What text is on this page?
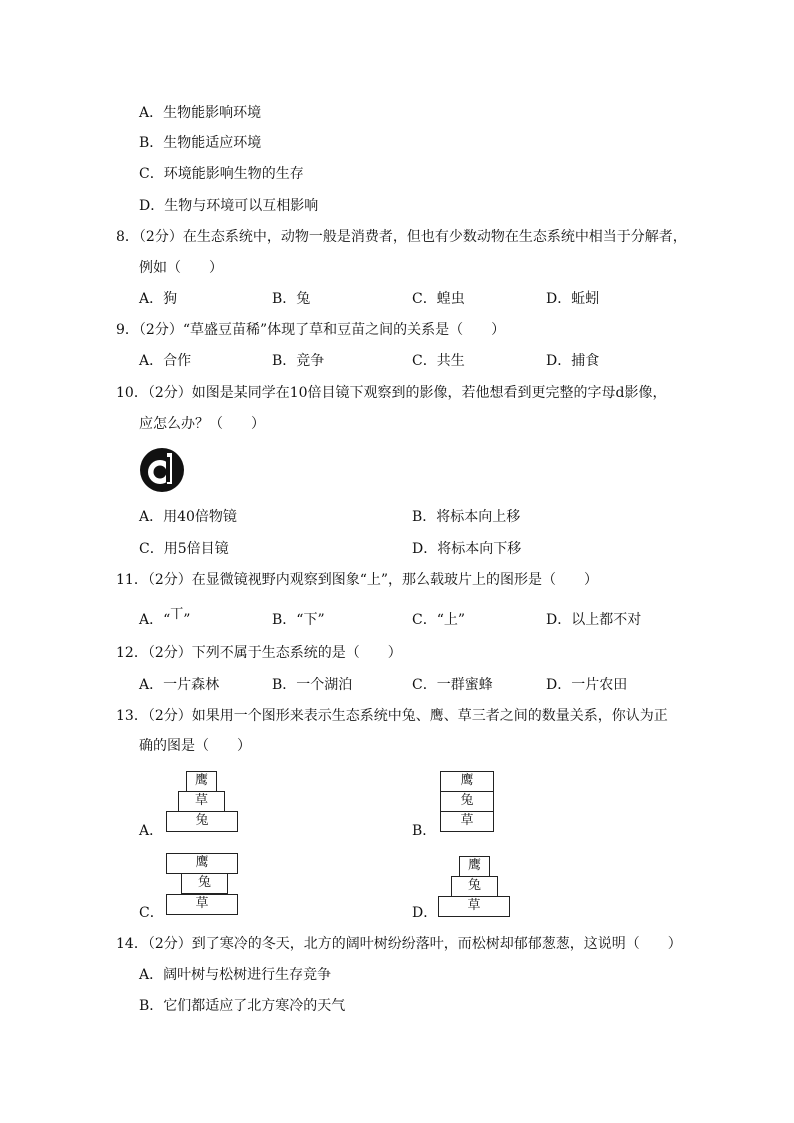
A．生物能影响环境
B．生物能适应环境
C．环境能影响生物的生存
D．生物与环境可以互相影响
8．（2分）在生态系统中，动物一般是消费者，但也有少数动物在生态系统中相当于分解者，
例如（　　）
A．狗	B．兔	C．蝗虫	D．蚯蚓
9．（2分）“草盛豆苗稀”体现了草和豆苗之间的关系是（　　）
A．合作	B．竞争	C．共生	D．捕食
10．（2分）如图是某同学在10倍目镜下观察到的影像，若他想看到更完整的字母d影像，
应怎么办？（　　）
d
A．用40倍物镜	B．将标本向上移
C．用5倍目镜	D．将标本向下移
11．（2分）在显微镜视野内观察到图象“上”，那么载玻片上的图形是（　　）
A．“丅”	B．“下”	C．“上”	D．以上都不对
12．（2分）下列不属于生态系统的是（　　）
A．一片森林	B．一个湖泊	C．一群蜜蜂	D．一片农田
13．（2分）如果用一个图形来表示生态系统中兔、鹰、草三者之间的数量关系，你认为正
确的图是（　　）
A．
鹰
草
兔
B．
鹰
兔
草
C．
鹰
兔
草
D．
鹰
兔
草
14．（2分）到了寒冷的冬天，北方的阔叶树纷纷落叶，而松树却郁郁葱葱，这说明（　　）
A．阔叶树与松树进行生存竞争
B．它们都适应了北方寒冷的天气
